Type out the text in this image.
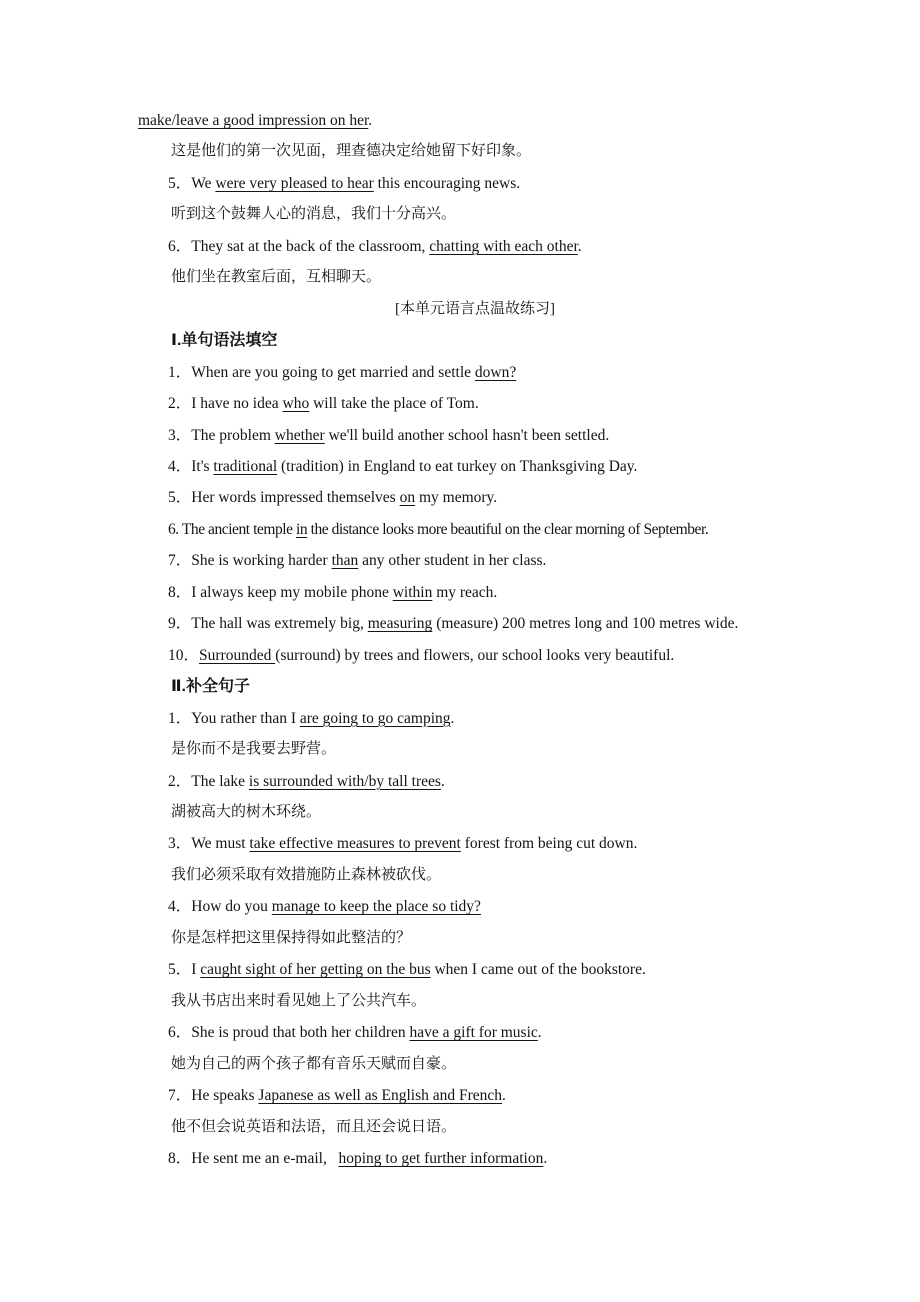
make/leave a good impression on her.
这是他们的第一次见面，理查德决定给她留下好印象。
5．We were very pleased to hear this encouraging news.
听到这个鼓舞人心的消息，我们十分高兴。
6．They sat at the back of the classroom, chatting with each other.
他们坐在教室后面，互相聊天。
[本单元语言点温故练习]
Ⅰ.单句语法填空
1．When are you going to get married and settle down?
2．I have no idea who will take the place of Tom.
3．The problem whether we'll build another school hasn't been settled.
4．It's traditional (tradition) in England to eat turkey on Thanksgiving Day.
5．Her words impressed themselves on my memory.
6. The ancient temple in the distance looks more beautiful on the clear morning of September.
7．She is working harder than any other student in her class.
8．I always keep my mobile phone within my reach.
9．The hall was extremely big, measuring (measure) 200 metres long and 100 metres wide.
10．Surrounded (surround) by trees and flowers, our school looks very beautiful.
Ⅱ.补全句子
1．You rather than I are going to go camping.
是你而不是我要去野营。
2．The lake is surrounded with/by tall trees.
湖被高大的树木环绕。
3．We must take effective measures to prevent forest from being cut down.
我们必须采取有效措施防止森林被砍伐。
4．How do you manage to keep the place so tidy?
你是怎样把这里保持得如此整洁的？
5．I caught sight of her getting on the bus when I came out of the bookstore.
我从书店出来时看见她上了公共汽车。
6．She is proud that both her children have a gift for music.
她为自己的两个孩子都有音乐天赋而自豪。
7．He speaks Japanese as well as English and French.
他不但会说英语和法语，而且还会说日语。
8．He sent me an e-mail,   hoping to get further information.
